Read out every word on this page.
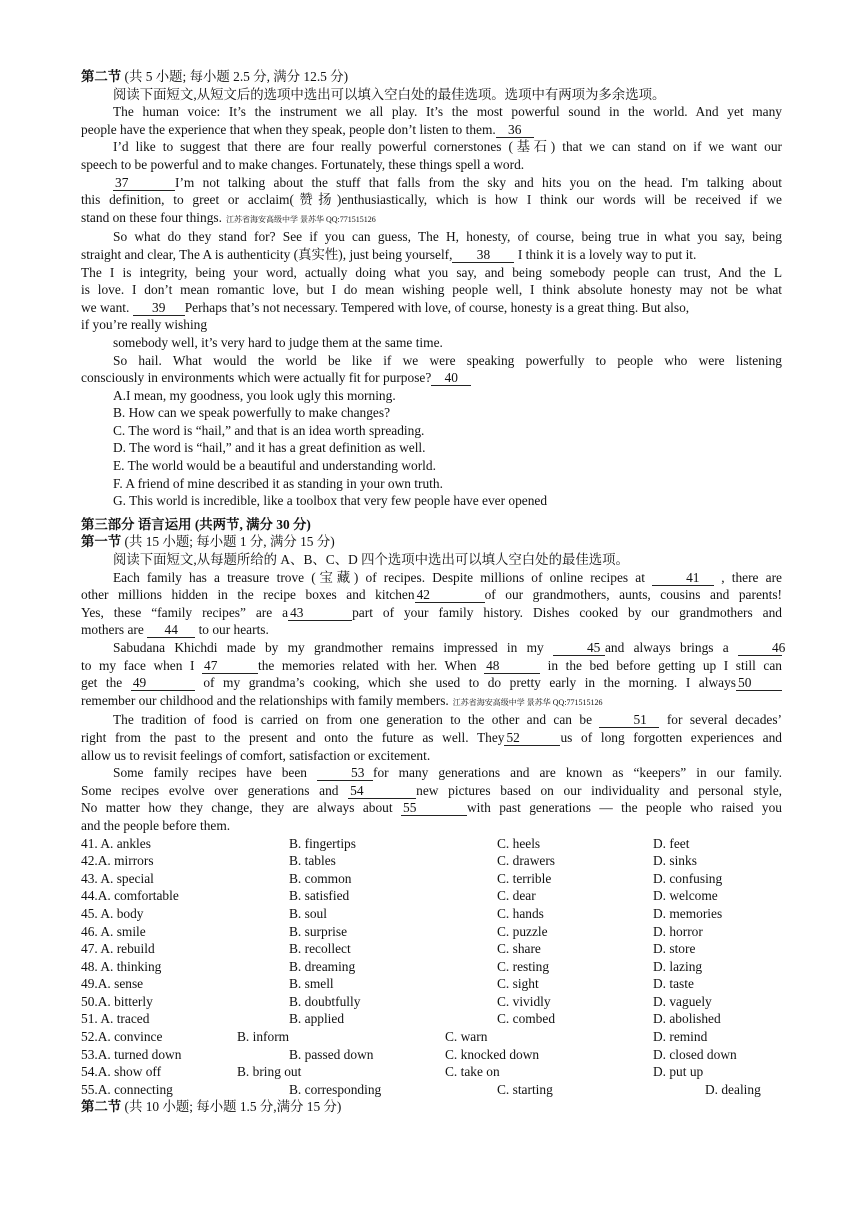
第二节 (共 5 小题; 每小题 2.5 分, 满分 12.5 分)
阅读下面短文,从短文后的选项中选出可以填入空白处的最佳选项。选项中有两项为多余选项。
The human voice: It’s the instrument we all play. It’s the most powerful sound in the world. And yet many
people have the experience that when they speak, people don’t listen to them. 36
I’d like to suggest that there are four really powerful cornerstones (基石) that we can stand on if we want our
speech to be powerful and to make changes. Fortunately, these things spell a word.
37	I’m not talking about the stuff that falls from the sky and hits you on the head. I'm talking about
this definition, to greet or acclaim(赞扬)enthusiastically, which is how I think our words will be received if we
stand on these four things. 江苏省海安高级中学 景苏华 QQ:771515126
So what do they stand for? See if you can guess, The H, honesty, of course, being true in what you say, being
straight and clear, The A is authenticity (真实性), just being yourself, 38 I think it is a lovely way to put it.
The I is integrity, being your word, actually doing what you say, and being somebody people can trust, And the L
is love. I don’t mean romantic love, but I do mean wishing people well, I think absolute honesty may not be what
we want. 39 Perhaps that’s not necessary. Tempered with love, of course, honesty is a great thing. But also,
if you’re really wishing
somebody well, it’s very hard to judge them at the same time.
So hail. What would the world be like if we were speaking powerfully to people who were listening
consciously in environments which were actually fit for purpose? 40
A.I mean, my goodness, you look ugly this morning.
B. How can we speak powerfully to make changes?
C. The word is “hail,” and that is an idea worth spreading.
D. The word is “hail,” and it has a great definition as well.
E. The world would be a beautiful and understanding world.
F. A friend of mine described it as standing in your own truth.
G. This world is incredible, like a toolbox that very few people have ever opened
第三部分 语言运用 (共两节, 满分 30 分)
第一节 (共 15 小题; 每小题 1 分, 满分 15 分)
阅读下面短文,从每题所给的 A、B、C、D 四个选项中选出可以填人空白处的最佳选项。
Each family has a treasure trove (宝藏) of recipes. Despite millions of online recipes at	41 , there are
other millions hidden in the recipe boxes and kitchen 42	of our grandmothers, aunts, cousins and parents!
Yes, these “family recipes” are a 43	part of your family history. Dishes cooked by our grandmothers and
mothers are 44 to our hearts.
Sabudana Khichdi made by my grandmother remains impressed in my	45 and always brings a	46
to my face when I 47	the memories related with her. When 48	in the bed before getting up I still can
get the 49	of my grandma’s cooking, which she used to do pretty early in the morning. I always 50
remember our childhood and the relationships with family members. 江苏省海安高级中学 景苏华 QQ:771515126
The tradition of food is carried on from one generation to the other and can be	51 for several decades’
right from the past to the present and onto the future as well. They 52	us of long forgotten experiences and
allow us to revisit feelings of comfort, satisfaction or excitement.
Some family recipes have been	53 for many generations and are known as “keepers” in our family.
Some recipes evolve over generations and 54	new pictures based on our individuality and personal style,
No matter how they change, they are always about 55	with past generations — the people who raised you
and the people before them.
41. A. ankles	B. fingertips	C. heels	D. feet
42.A. mirrors	B. tables	C. drawers	D. sinks
43. A. special	B. common	C. terrible	D. confusing
44.A. comfortable	B. satisfied	C. dear	D. welcome
45. A. body	B. soul	C. hands	D. memories
46. A. smile	B. surprise	C. puzzle	D. horror
47. A. rebuild	B. recollect	C. share	D. store
48. A. thinking	B. dreaming	C. resting	D. lazing
49.A. sense	B. smell	C. sight	D. taste
50.A. bitterly	B. doubtfully	C. vividly	D. vaguely
51. A. traced	B. applied	C. combed	D. abolished
52.A. convince	B. inform	C. warn	D. remind
53.A. turned down	B. passed down	C. knocked down	D. closed down
54.A. show off	B. bring out	C. take on	D. put up
55.A. connecting	B. corresponding	C. starting	D. dealing
第二节 (共 10 小题; 每小题 1.5 分,满分 15 分)
